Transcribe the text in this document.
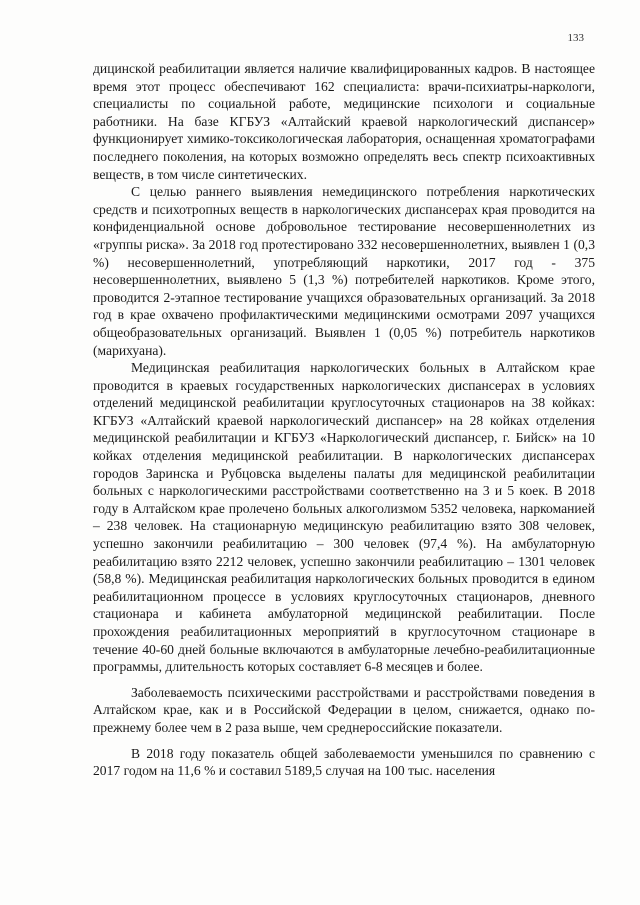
133

дицинской реабилитации является наличие квалифицированных кадров. В настоящее время этот процесс обеспечивают 162 специалиста: врачи-психиатры-наркологи, специалисты по социальной работе, медицинские психологи и социальные работники. На базе КГБУЗ «Алтайский краевой наркологический диспансер» функционирует химико-токсикологическая лаборатория, оснащенная хроматографами последнего поколения, на которых возможно определять весь спектр психоактивных веществ, в том числе синтетических.

С целью раннего выявления немедицинского потребления наркотических средств и психотропных веществ в наркологических диспансерах края проводится на конфиденциальной основе добровольное тестирование несовершеннолетних из «группы риска». За 2018 год протестировано 332 несовершеннолетних, выявлен 1 (0,3 %) несовершеннолетний, употребляющий наркотики, 2017 год - 375 несовершеннолетних, выявлено 5 (1,3 %) потребителей наркотиков. Кроме этого, проводится 2-этапное тестирование учащихся образовательных организаций. За 2018 год в крае охвачено профилактическими медицинскими осмотрами 2097 учащихся общеобразовательных организаций. Выявлен 1 (0,05 %) потребитель наркотиков (марихуана).

Медицинская реабилитация наркологических больных в Алтайском крае проводится в краевых государственных наркологических диспансерах в условиях отделений медицинской реабилитации круглосуточных стационаров на 38 койках: КГБУЗ «Алтайский краевой наркологический диспансер» на 28 койках отделения медицинской реабилитации и КГБУЗ «Наркологический диспансер, г. Бийск» на 10 койках отделения медицинской реабилитации. В наркологических диспансерах городов Заринска и Рубцовска выделены палаты для медицинской реабилитации больных с наркологическими расстройствами соответственно на 3 и 5 коек. В 2018 году в Алтайском крае пролечено больных алкоголизмом 5352 человека, наркоманией – 238 человек. На стационарную медицинскую реабилитацию взято 308 человек, успешно закончили реабилитацию – 300 человек (97,4 %). На амбулаторную реабилитацию взято 2212 человек, успешно закончили реабилитацию – 1301 человек (58,8 %). Медицинская реабилитация наркологических больных проводится в едином реабилитационном процессе в условиях круглосуточных стационаров, дневного стационара и кабинета амбулаторной медицинской реабилитации. После прохождения реабилитационных мероприятий в круглосуточном стационаре в течение 40-60 дней больные включаются в амбулаторные лечебно-реабилитационные программы, длительность которых составляет 6-8 месяцев и более.

Заболеваемость психическими расстройствами и расстройствами поведения в Алтайском крае, как и в Российской Федерации в целом, снижается, однако по-прежнему более чем в 2 раза выше, чем среднероссийские показатели.

В 2018 году показатель общей заболеваемости уменьшился по сравнению с 2017 годом на 11,6 % и составил 5189,5 случая на 100 тыс. населения
